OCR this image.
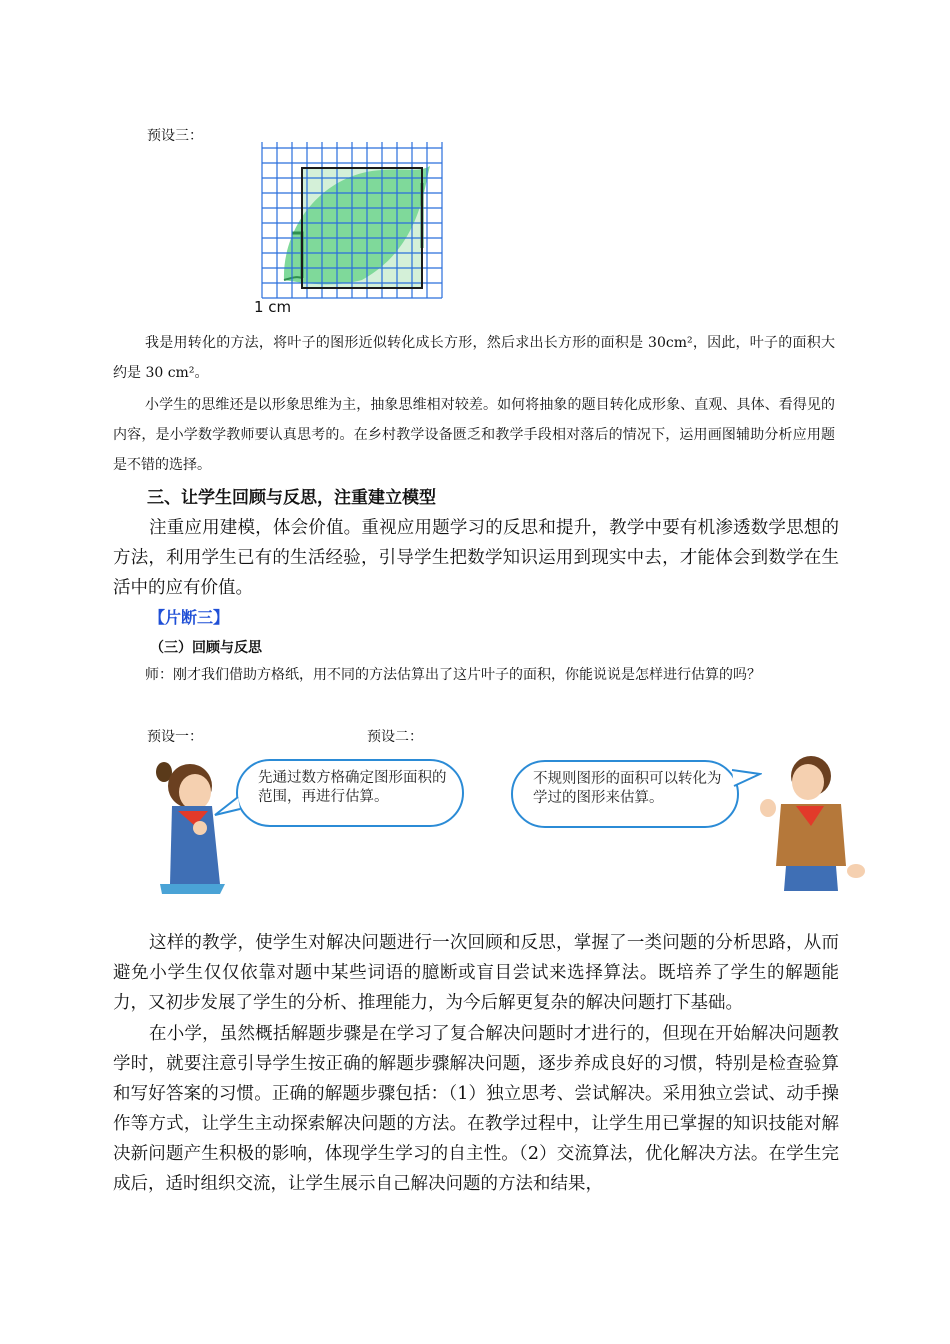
预设三：
1 cm
我是用转化的方法，将叶子的图形近似转化成长方形，然后求出长方形的面积是 30cm²，因此，叶子的面积大约是 30 cm²。
小学生的思维还是以形象思维为主，抽象思维相对较差。如何将抽象的题目转化成形象、直观、具体、看得见的内容，是小学数学教师要认真思考的。在乡村教学设备匮乏和教学手段相对落后的情况下，运用画图辅助分析应用题是不错的选择。
三、让学生回顾与反思，注重建立模型
注重应用建模，体会价值。重视应用题学习的反思和提升，教学中要有机渗透数学思想的方法，利用学生已有的生活经验，引导学生把数学知识运用到现实中去，才能体会到数学在生活中的应有价值。
【片断三】
（三）回顾与反思
师：刚才我们借助方格纸，用不同的方法估算出了这片叶子的面积，你能说说是怎样进行估算的吗？
预设一：	预设二：
先通过数方格确定图形面积的范围，再进行估算。
不规则图形的面积可以转化为学过的图形来估算。
这样的教学，使学生对解决问题进行一次回顾和反思，掌握了一类问题的分析思路，从而避免小学生仅仅依靠对题中某些词语的臆断或盲目尝试来选择算法。既培养了学生的解题能力，又初步发展了学生的分析、推理能力，为今后解更复杂的解决问题打下基础。
在小学，虽然概括解题步骤是在学习了复合解决问题时才进行的，但现在开始解决问题教学时，就要注意引导学生按正确的解题步骤解决问题，逐步养成良好的习惯，特别是检查验算和写好答案的习惯。正确的解题步骤包括：（1）独立思考、尝试解决。采用独立尝试、动手操作等方式，让学生主动探索解决问题的方法。在教学过程中，让学生用已掌握的知识技能对解决新问题产生积极的影响，体现学生学习的自主性。（2）交流算法，优化解决方法。在学生完成后，适时组织交流，让学生展示自己解决问题的方法和结果，
